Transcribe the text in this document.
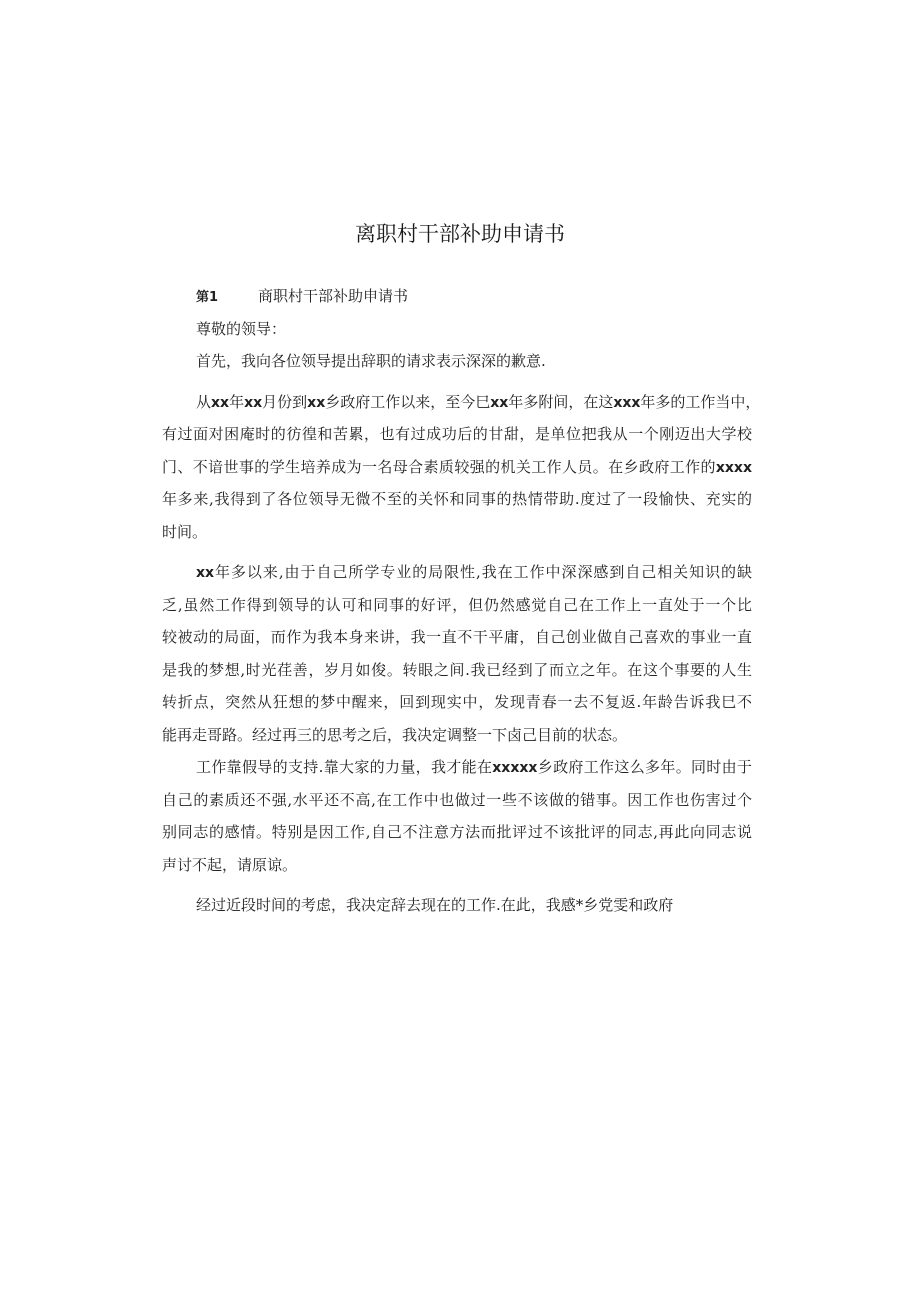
离职村干部补助申请书
第1	商职村干部补助申请书
尊敬的领导：
首先，我向各位领导提出辞职的请求表示深深的歉意.
从xx年xx月份到xx乡政府工作以来，至今巳xx年多附间，在这xxx年多的工作当中，
有过面对困庵时的彷徨和苦累，也有过成功后的甘甜，是单位把我从一个刚迈出大学校
门、不谙世事的学生培养成为一名母合素质较强的机关工作人员。在乡政府工作的xxxx
年多来,我得到了各位领导无微不至的关怀和同事的热情带助.度过了一段愉快、充实的
时间。
xx年多以来,由于自己所学专业的局限性,我在工作中深深感到自己相关知识的缺
乏,虽然工作得到领导的认可和同事的好评，但仍然感觉自己在工作上一直处于一个比
较被动的局面，而作为我本身来讲，我一直不干平庸，自己创业做自己喜欢的事业一直
是我的梦想,时光荏善，岁月如俊。转眼之间.我已经到了而立之年。在这个事要的人生
转折点，突然从狂想的梦中醒来，回到现实中，发现青春一去不复返.年龄告诉我巳不
能再走哥路。经过再三的思考之后，我决定调整一下卤己目前的状态。
工作靠假导的支持.靠大家的力量，我才能在xxxxx乡政府工作这么多年。同时由于
自己的素质还不强,水平还不高,在工作中也做过一些不该做的错事。因工作也伤害过个
别同志的感情。特别是因工作,自己不注意方法而批评过不该批评的同志,再此向同志说
声讨不起，请原谅。
经过近段时间的考虑，我决定辞去现在的工作.在此，我感*乡党雯和政府
